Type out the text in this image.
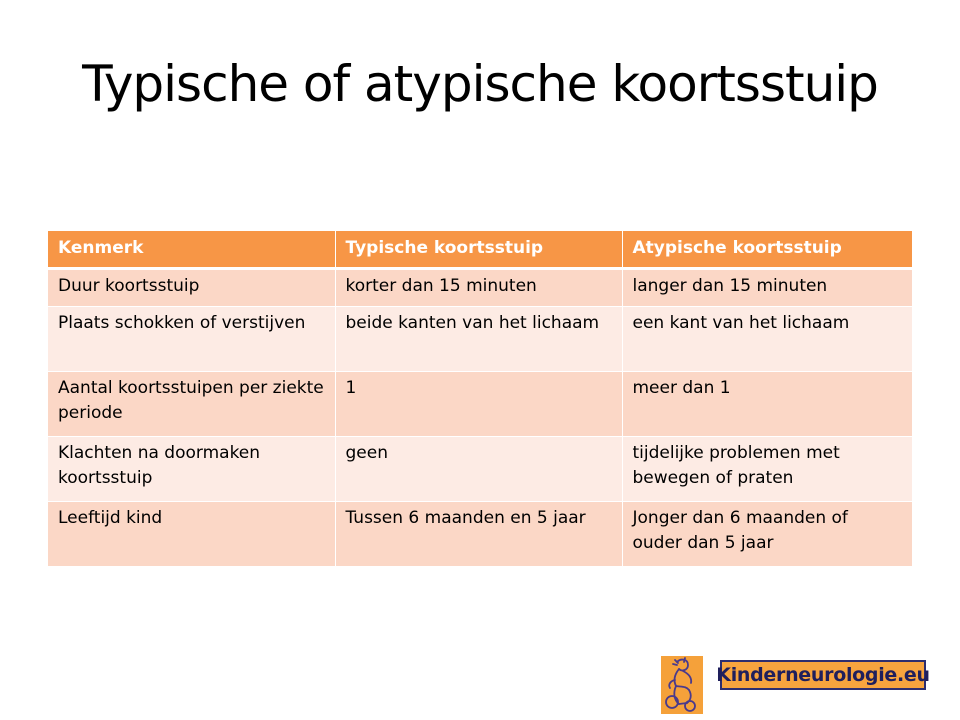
Typische of atypische koortsstuip
Kenmerk	Typische koortsstuip	Atypische koortsstuip
Duur koortsstuip	korter dan 15 minuten	langer dan 15 minuten
Plaats schokken of verstijven	beide kanten van het lichaam	een kant van het lichaam
Aantal koortsstuipen per ziekte periode	1	meer dan 1
Klachten na doormaken koortsstuip	geen	tijdelijke problemen met bewegen of praten
Leeftijd kind	Tussen 6 maanden en 5 jaar	Jonger dan 6 maanden of ouder dan 5 jaar
Kinderneurologie.eu
